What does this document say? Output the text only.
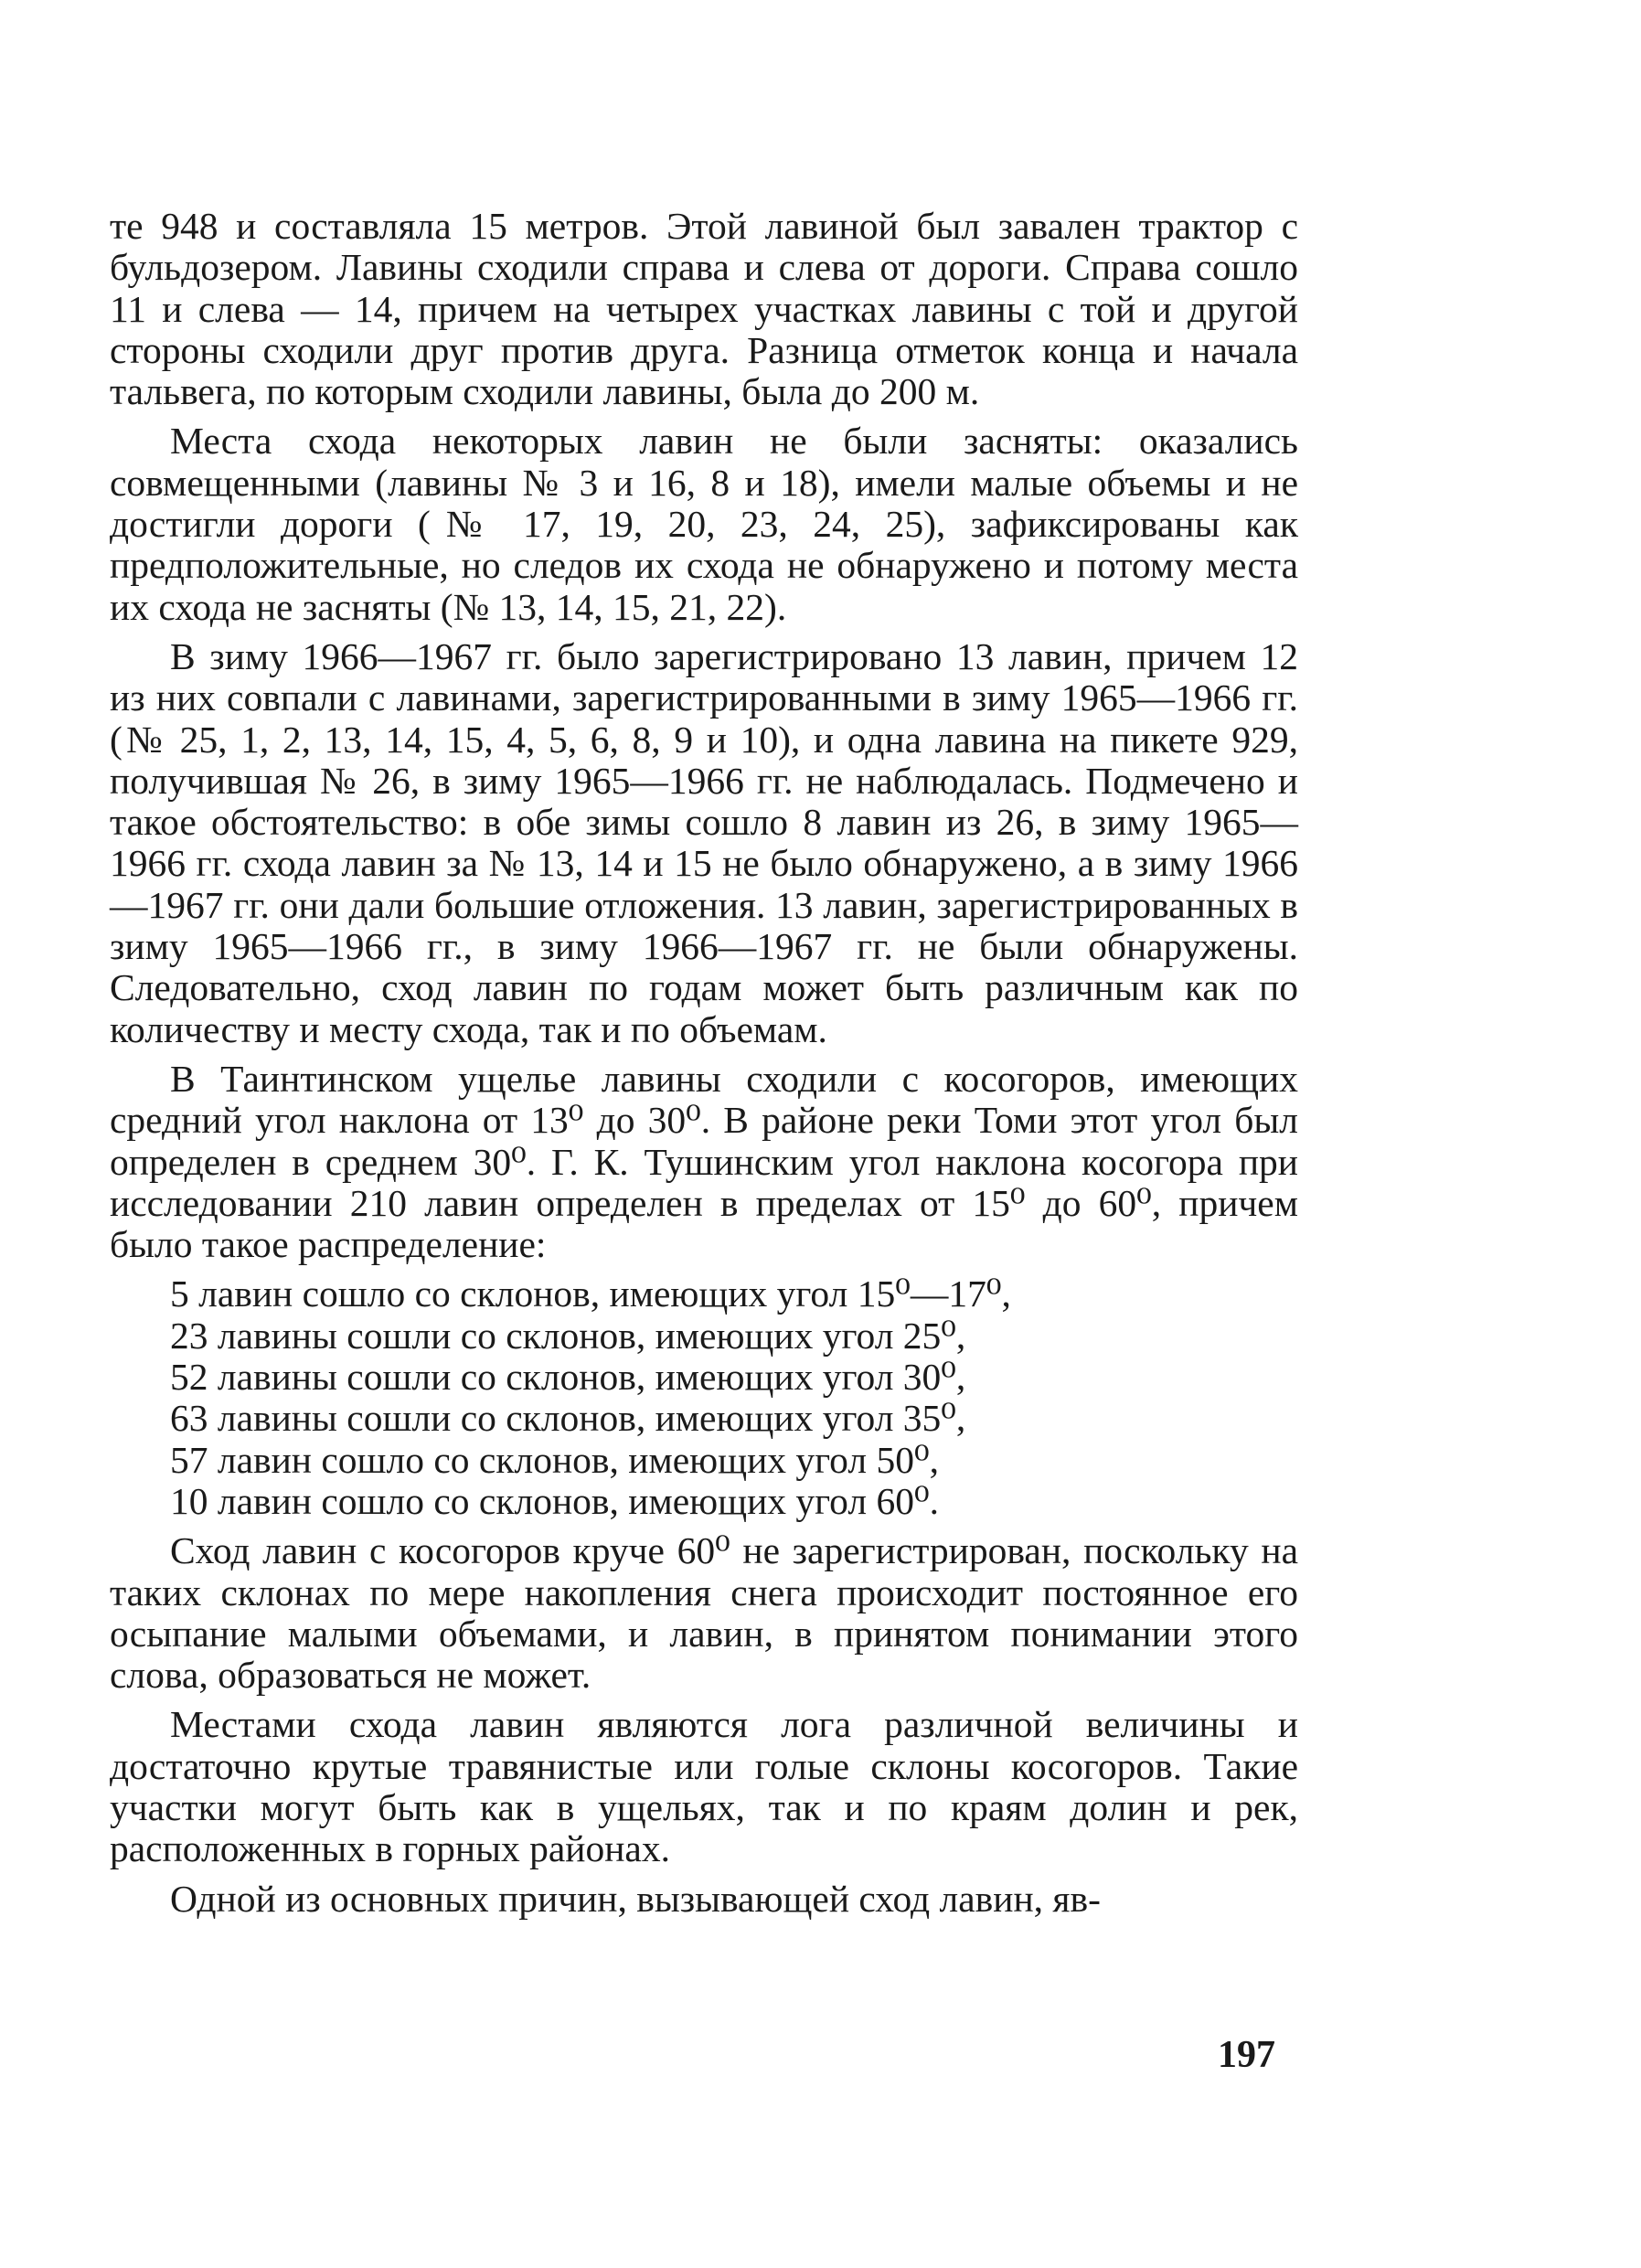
те 948 и составляла 15 метров. Этой лавиной был завален трактор с бульдозером. Лавины сходили справа и слева от дороги. Справа сошло 11 и слева — 14, причем на четырех участках лавины с той и другой стороны сходили друг против друга. Разница отметок конца и начала тальвега, по которым сходили лавины, была до 200 м.

Места схода некоторых лавин не были засняты: оказались совмещенными (лавины № 3 и 16, 8 и 18), имели малые объемы и не достигли дороги (№ 17, 19, 20, 23, 24, 25), зафиксированы как предположительные, но следов их схода не обнаружено и потому места их схода не засняты (№ 13, 14, 15, 21, 22).

В зиму 1966—1967 гг. было зарегистрировано 13 лавин, причем 12 из них совпали с лавинами, зарегистрированными в зиму 1965—1966 гг. (№ 25, 1, 2, 13, 14, 15, 4, 5, 6, 8, 9 и 10), и одна лавина на пикете 929, получившая № 26, в зиму 1965—1966 гг. не наблюдалась. Подмечено и такое обстоятельство: в обе зимы сошло 8 лавин из 26, в зиму 1965—1966 гг. схода лавин за № 13, 14 и 15 не было обнаружено, а в зиму 1966—1967 гг. они дали большие отложения. 13 лавин, зарегистрированных в зиму 1965—1966 гг., в зиму 1966—1967 гг. не были обнаружены. Следовательно, сход лавин по годам может быть различным как по количеству и месту схода, так и по объемам.

В Таинтинском ущелье лавины сходили с косогоров, имеющих средний угол наклона от 13⁰ до 30⁰. В районе реки Томи этот угол был определен в среднем 30⁰. Г. К. Тушинским угол наклона косогора при исследовании 210 лавин определен в пределах от 15⁰ до 60⁰, причем было такое распределение:

5 лавин сошло со склонов, имеющих угол 15⁰—17⁰,
23 лавины сошли со склонов, имеющих угол 25⁰,
52 лавины сошли со склонов, имеющих угол 30⁰,
63 лавины сошли со склонов, имеющих угол 35⁰,
57 лавин сошло со склонов, имеющих угол 50⁰,
10 лавин сошло со склонов, имеющих угол 60⁰.

Сход лавин с косогоров круче 60⁰ не зарегистрирован, поскольку на таких склонах по мере накопления снега происходит постоянное его осыпание малыми объемами, и лавин, в принятом понимании этого слова, образоваться не может.

Местами схода лавин являются лога различной величины и достаточно крутые травянистые или голые склоны косогоров. Такие участки могут быть как в ущельях, так и по краям долин и рек, расположенных в горных районах.

Одной из основных причин, вызывающей сход лавин, яв-

197
